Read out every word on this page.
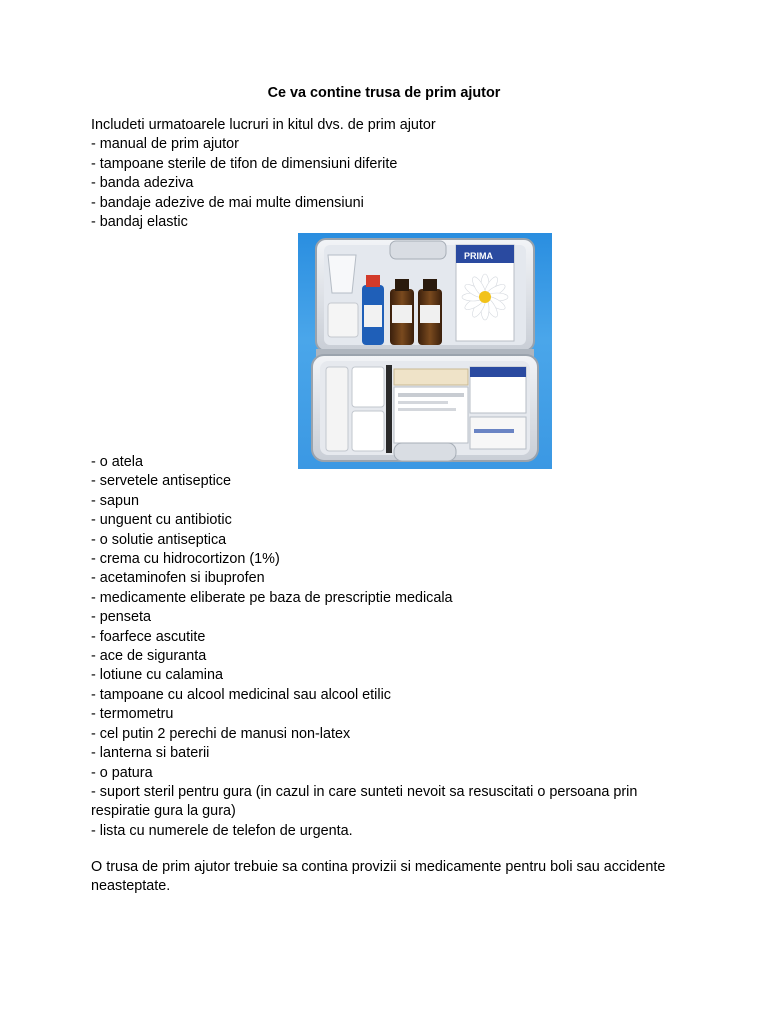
Ce va contine trusa de prim ajutor
Includeti urmatoarele lucruri in kitul dvs. de prim ajutor
- manual de prim ajutor
- tampoane sterile de tifon de dimensiuni diferite
- banda adeziva
- bandaje adezive de mai multe dimensiuni
- bandaj elastic
PRIMA
- o atela
- servetele antiseptice
- sapun
- unguent cu antibiotic
- o solutie antiseptica
- crema cu hidrocortizon (1%)
- acetaminofen si ibuprofen
- medicamente eliberate pe baza de prescriptie medicala
- penseta
- foarfece ascutite
- ace de siguranta
- lotiune cu calamina
- tampoane cu alcool medicinal sau alcool etilic
- termometru
- cel putin 2 perechi de manusi non-latex
- lanterna si baterii
- o patura
- suport steril pentru gura (in cazul in care sunteti nevoit sa resuscitati o persoana prin respiratie gura la gura)
- lista cu numerele de telefon de urgenta.
O trusa de prim ajutor trebuie sa contina provizii si medicamente pentru boli sau accidente neasteptate.
